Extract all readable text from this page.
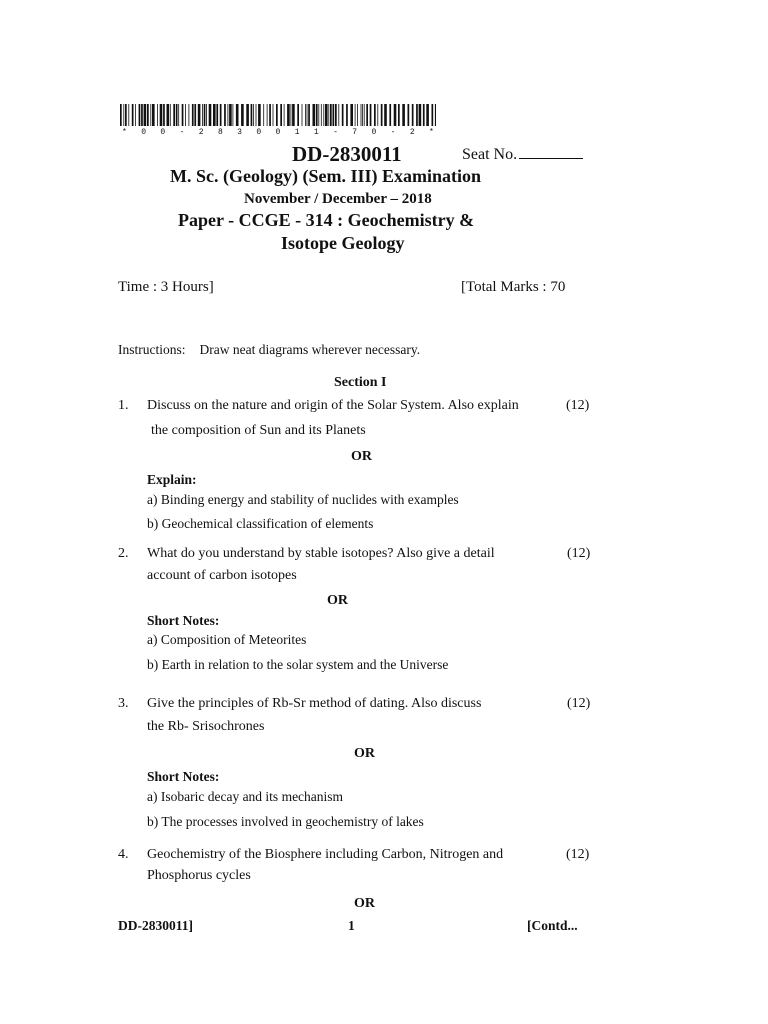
* 0 0 - 2 8 3 0 0 1 1 - 7 0 - 2 *
DD-2830011	Seat No.
M. Sc. (Geology) (Sem. III) Examination
November / December – 2018
Paper - CCGE - 314 : Geochemistry &
Isotope Geology
Time : 3 Hours]	[Total Marks : 70
Instructions: Draw neat diagrams wherever necessary.
Section I
1. Discuss on the nature and origin of the Solar System. Also explain	(12)
the composition of Sun and its Planets
OR
Explain:
a) Binding energy and stability of nuclides with examples
b) Geochemical classification of elements
2. What do you understand by stable isotopes? Also give a detail	(12)
account of carbon isotopes
OR
Short Notes:
a) Composition of Meteorites
b) Earth in relation to the solar system and the Universe
3. Give the principles of Rb-Sr method of dating. Also discuss	(12)
the Rb- Srisochrones
OR
Short Notes:
a) Isobaric decay and its mechanism
b) The processes involved in geochemistry of lakes
4. Geochemistry of the Biosphere including Carbon, Nitrogen and	(12)
Phosphorus cycles
OR
DD-2830011]	1	[Contd...
